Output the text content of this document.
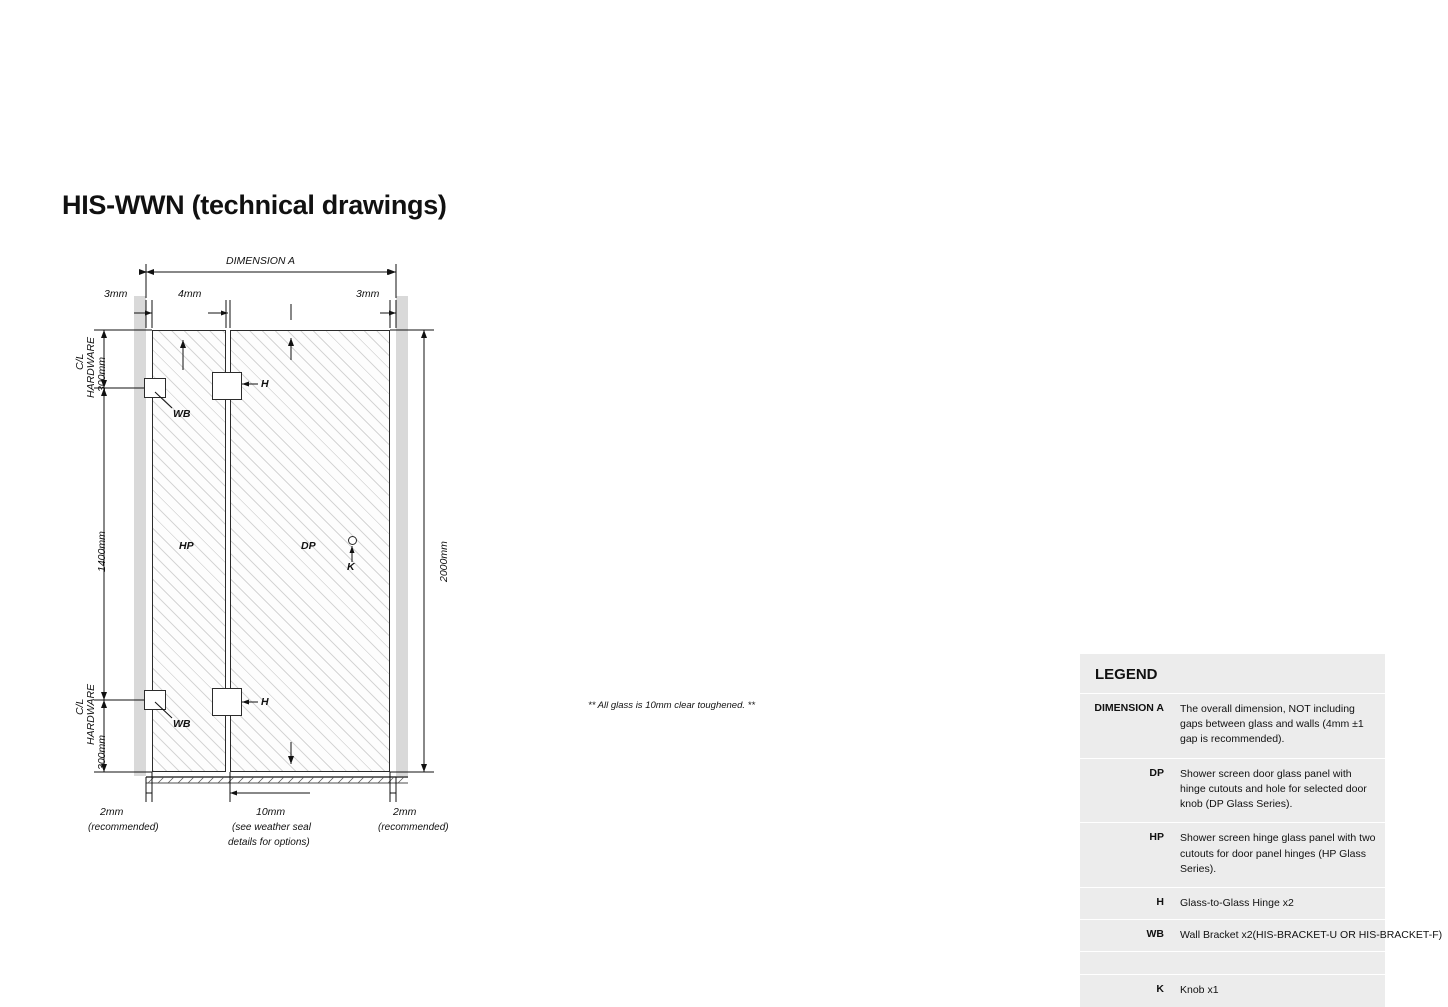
HIS-WWN (technical drawings)
DIMENSION A
3mm	4mm	3mm
2000mm
300mm
C/L HARDWARE
1400mm
300mm
C/L HARDWARE
HP	DP
H
H
WB
WB
K
2mm
(recommended)
10mm
(see weather seal
details for options)
2mm
(recommended)
LEGEND
DIMENSION A	The overall dimension, NOT including gaps between glass and walls (4mm ±1 gap is recommended).
DP	Shower screen door glass panel with hinge cutouts and hole for selected door knob (DP Glass Series).
HP	Shower screen hinge glass panel with two cutouts for door panel hinges (HP Glass Series).
H	Glass-to-Glass Hinge x2
WB	Wall Bracket x2(HIS-BRACKET-U OR HIS-BRACKET-F)
K	Knob x1
** All glass is 10mm clear toughened. **
